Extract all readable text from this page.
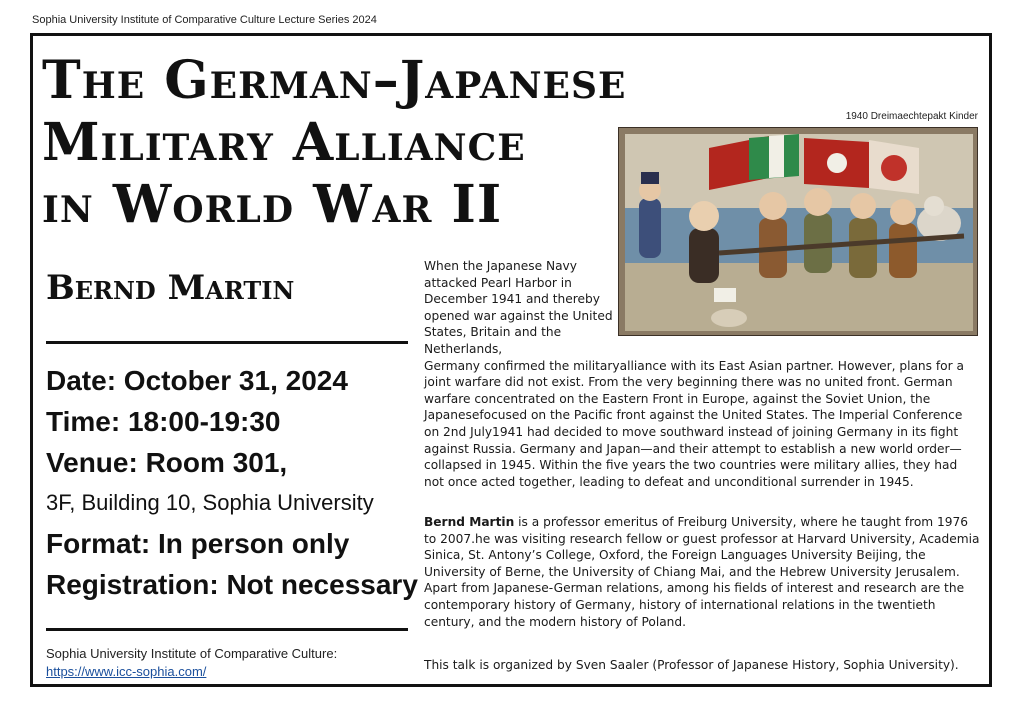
Sophia University Institute of Comparative Culture Lecture Series 2024
The German–Japanese
Military Alliance
in World War II
Bernd Martin
Date: October 31, 2024
Time: 18:00-19:30
Venue: Room 301,
3F, Building 10, Sophia University
Format: In person only
Registration: Not necessary
Sophia University Institute of Comparative Culture: https://www.icc-sophia.com/
1940 Dreimaechtepakt Kinder
When the Japanese Navy attacked Pearl Harbor in December 1941 and thereby opened war against the United States, Britain and the Netherlands,
Germany confirmed the militaryalliance with its East Asian partner. However, plans for a joint warfare did not exist. From the very beginning there was no united front. German warfare concentrated on the Eastern Front in Europe, against the Soviet Union, the Japanesefocused on the Pacific front against the United States. The Imperial Conference on 2nd July1941 had decided to move southward instead of joining Germany in its fight against Russia. Germany and Japan—and their attempt to establish a new world order—collapsed in 1945. Within the five years the two countries were military allies, they had not once acted together, leading to defeat and unconditional surrender in 1945.
Bernd Martin is a professor emeritus of Freiburg University, where he taught from 1976 to 2007.he was visiting research fellow or guest professor at Harvard University, Academia Sinica, St. Antony’s College, Oxford, the Foreign Languages University Beijing, the University of Berne, the University of Chiang Mai, and the Hebrew University Jerusalem. Apart from Japanese-German relations, among his fields of interest and research are the contemporary history of Germany, history of international relations in the twentieth century, and the modern history of Poland.
This talk is organized by Sven Saaler (Professor of Japanese History, Sophia University).
